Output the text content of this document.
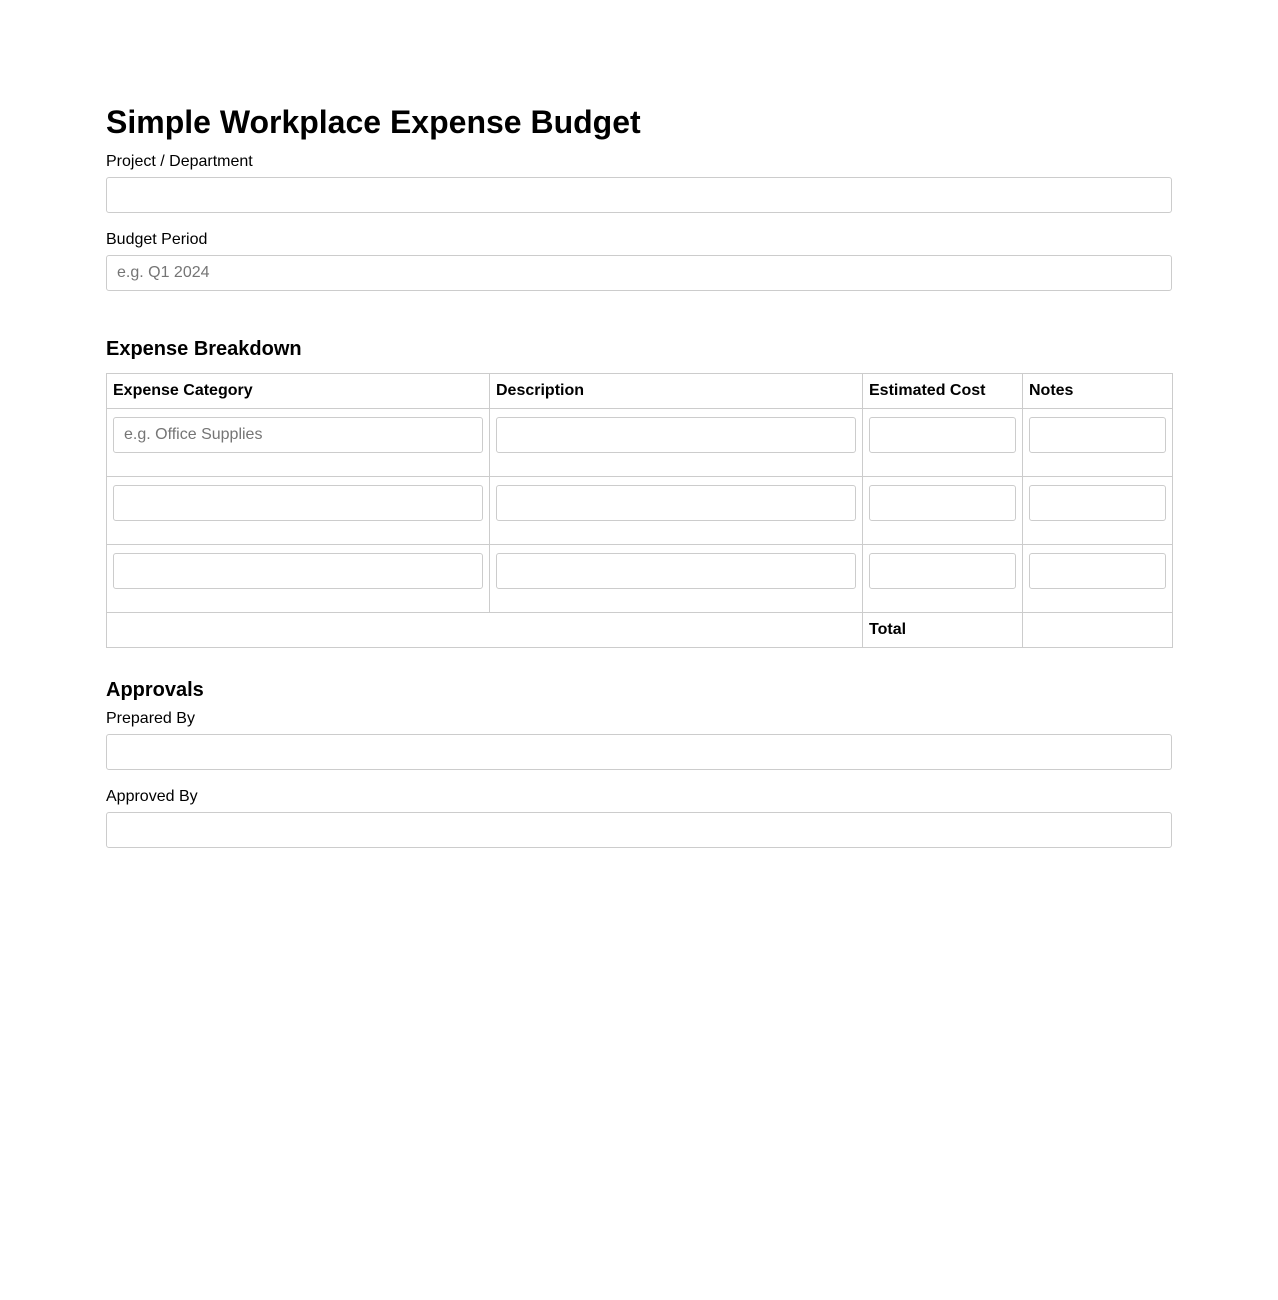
Simple Workplace Expense Budget
Project / Department
Budget Period
e.g. Q1 2024
Expense Breakdown
Expense Category	Description	Estimated Cost	Notes

e.g. Office Supplies	

		Total	
Approvals
Prepared By
Approved By
